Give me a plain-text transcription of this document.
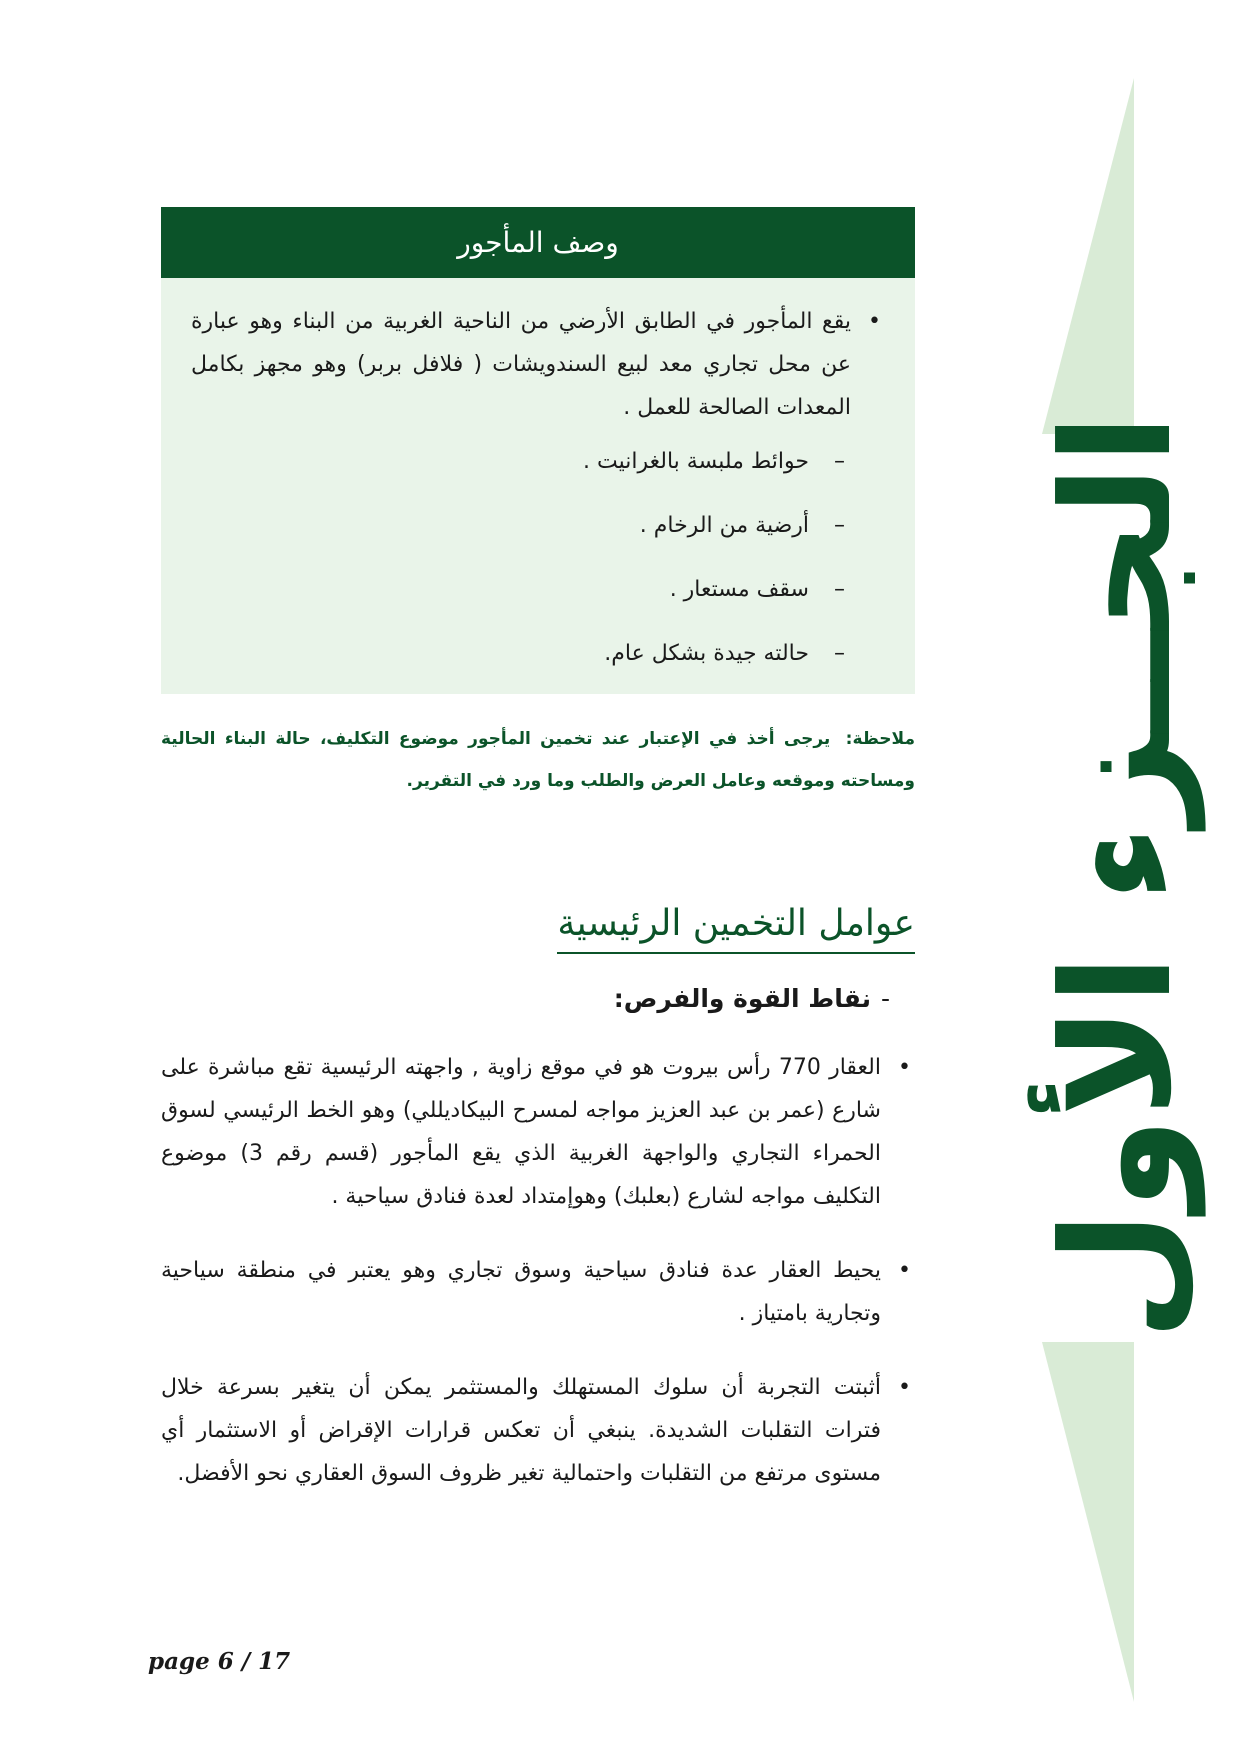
الجــزء الأول
وصف المأجور
•
يقع المأجور في الطابق الأرضي من الناحية الغربية من البناء وهو عبارة عن محل تجاري معد لبيع السندويشات ( فلافل بربر) وهو مجهز بكامل المعدات الصالحة للعمل .
–
حوائط ملبسة بالغرانيت .
–
أرضية من الرخام .
–
سقف مستعار .
–
حالته جيدة بشكل عام.
ملاحظة: يرجى أخذ في الإعتبار عند تخمين المأجور موضوع التكليف، حالة البناء الحالية ومساحته وموقعه وعامل العرض والطلب وما ورد في التقرير.
عوامل التخمين الرئيسية
-نقاط القوة والفرص:
•
العقار 770 رأس بيروت هو في موقع زاوية , واجهته الرئيسية تقع مباشرة على شارع (عمر بن عبد العزيز مواجه لمسرح البيكاديللي) وهو الخط الرئيسي لسوق الحمراء التجاري والواجهة الغربية الذي يقع المأجور (قسم رقم 3) موضوع التكليف مواجه لشارع (بعلبك) وهوإمتداد لعدة فنادق سياحية .
•
يحيط العقار عدة فنادق سياحية وسوق تجاري وهو يعتبر في منطقة سياحية وتجارية بامتياز .
•
أثبتت التجربة أن سلوك المستهلك والمستثمر يمكن أن يتغير بسرعة خلال فترات التقلبات الشديدة. ينبغي أن تعكس قرارات الإقراض أو الاستثمار أي مستوى مرتفع من التقلبات واحتمالية تغير ظروف السوق العقاري نحو الأفضل.
page 6 / 17
